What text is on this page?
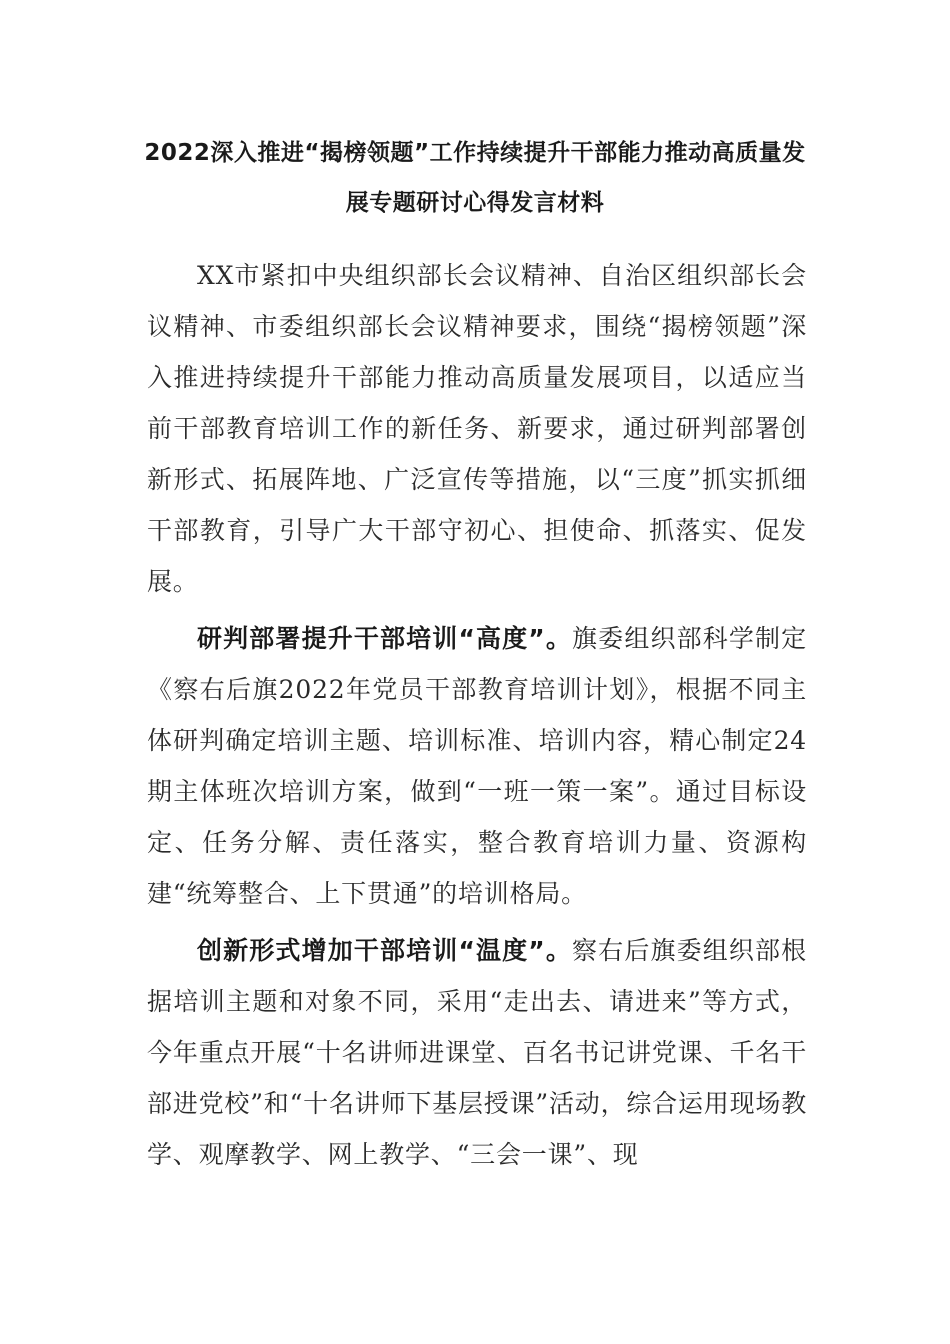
2022深入推进“揭榜领题”工作持续提升干部能力推动高质量发展专题研讨心得发言材料

XX市紧扣中央组织部长会议精神、自治区组织部长会议精神、市委组织部长会议精神要求，围绕“揭榜领题”深入推进持续提升干部能力推动高质量发展项目，以适应当前干部教育培训工作的新任务、新要求，通过研判部署创新形式、拓展阵地、广泛宣传等措施，以“三度”抓实抓细干部教育，引导广大干部守初心、担使命、抓落实、促发展。

研判部署提升干部培训“高度”。旗委组织部科学制定《察右后旗2022年党员干部教育培训计划》，根据不同主体研判确定培训主题、培训标准、培训内容，精心制定24期主体班次培训方案，做到“一班一策一案”。通过目标设定、任务分解、责任落实，整合教育培训力量、资源构建“统筹整合、上下贯通”的培训格局。

创新形式增加干部培训“温度”。察右后旗委组织部根据培训主题和对象不同，采用“走出去、请进来”等方式，今年重点开展“十名讲师进课堂、百名书记讲党课、千名干部进党校”和“十名讲师下基层授课”活动，综合运用现场教学、观摩教学、网上教学、“三会一课”、现
